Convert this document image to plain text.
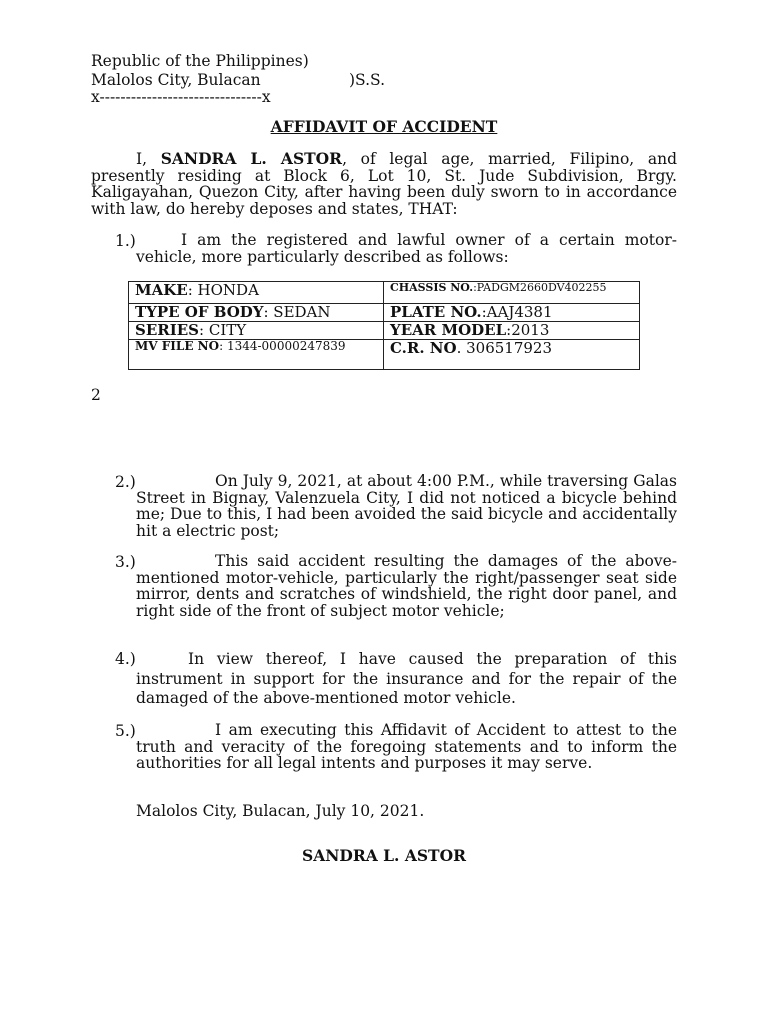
Republic of the Philippines)
Malolos City, Bulacan	)S.S.
x-------------------------------x
AFFIDAVIT OF ACCIDENT

I, SANDRA L. ASTOR, of legal age, married, Filipino, and presently residing at Block 6, Lot 10, St. Jude Subdivision, Brgy. Kaligayahan, Quezon City, after having been duly sworn to in accordance with law, do hereby deposes and states, THAT:

1.)	I am the registered and lawful owner of a certain motor-vehicle, more particularly described as follows:

MAKE: HONDA	CHASSIS NO.:PADGM2660DV402255
TYPE OF BODY: SEDAN	PLATE NO.:AAJ4381
SERIES: CITY	YEAR MODEL:2013
MV FILE NO: 1344-00000247839	C.R. NO. 306517923
2
2.)	On July 9, 2021, at about 4:00 P.M., while traversing Galas Street in Bignay, Valenzuela City, I did not noticed a bicycle behind me; Due to this, I had been avoided the said bicycle and accidentally hit a electric post;

3.)	This said accident resulting the damages of the above-mentioned motor-vehicle, particularly the right/passenger seat side mirror, dents and scratches of windshield, the right door panel, and right side of the front of subject motor vehicle;

4.)	In view thereof, I have caused the preparation of this instrument in support for the insurance and for the repair of the damaged of the above-mentioned motor vehicle.

5.)	I am executing this Affidavit of Accident to attest to the truth and veracity of the foregoing statements and to inform the authorities for all legal intents and purposes it may serve.

Malolos City, Bulacan, July 10, 2021.
SANDRA L. ASTOR
